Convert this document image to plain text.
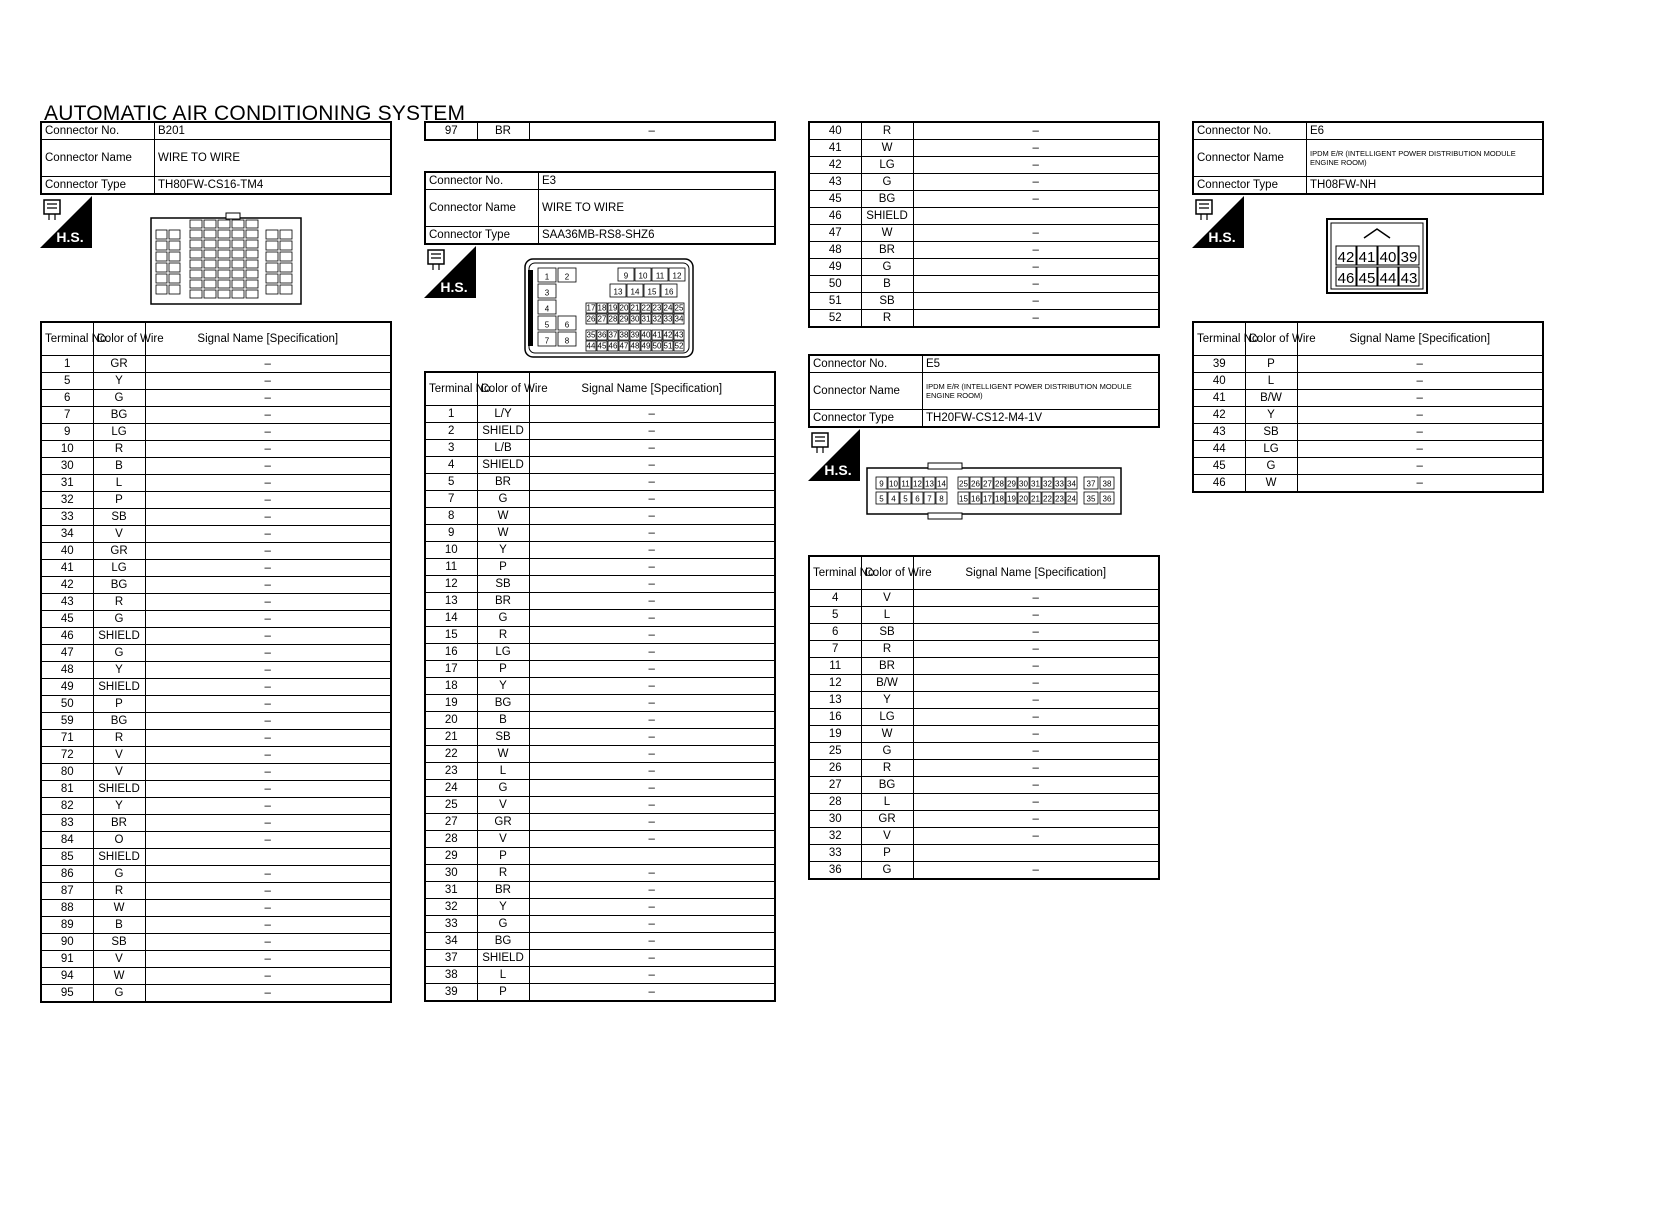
AUTOMATIC AIR CONDITIONING SYSTEM
Connector No.	B201
Connector Name	WIRE TO WIRE
Connector Type	TH80FW-CS16-TM4
H.S.
Terminal No.	Color of Wire	Signal Name [Specification]
1	GR	–
5	Y	–
6	G	–
7	BG	–
9	LG	–
10	R	–
30	B	–
31	L	–
32	P	–
33	SB	–
34	V	–
40	GR	–
41	LG	–
42	BG	–
43	R	–
45	G	–
46	SHIELD	–
47	G	–
48	Y	–
49	SHIELD	–
50	P	–
59	BG	–
71	R	–
72	V	–
80	V	–
81	SHIELD	–
82	Y	–
83	BR	–
84	O	–
85	SHIELD	
86	G	–
87	R	–
88	W	–
89	B	–
90	SB	–
91	V	–
94	W	–
95	G	–
97	BR	–
Connector No.	E3
Connector Name	WIRE TO WIRE
Connector Type	SAA36MB-RS8-SHZ6
H.S.
1 2
3
4
5 6
7 8
9 10 11 12
13 14 15 16
17 18 19 20 21 22 23 24 25
26 27 28 29 30 31 32 33 34
35 36 37 38 39 40 41 42 43
44 45 46 47 48 49 50 51 52
Terminal No.	Color of Wire	Signal Name [Specification]
1	L/Y	–
2	SHIELD	–
3	L/B	–
4	SHIELD	–
5	BR	–
7	G	–
8	W	–
9	W	–
10	Y	–
11	P	–
12	SB	–
13	BR	–
14	G	–
15	R	–
16	LG	–
17	P	–
18	Y	–
19	BG	–
20	B	–
21	SB	–
22	W	–
23	L	–
24	G	–
25	V	–
27	GR	–
28	V	–
29	P	
30	R	–
31	BR	–
32	Y	–
33	G	–
34	BG	–
37	SHIELD	–
38	L	–
39	P	–
40	R	–
41	W	–
42	LG	–
43	G	–
45	BG	–
46	SHIELD	
47	W	–
48	BR	–
49	G	–
50	B	–
51	SB	–
52	R	–
Connector No.	E5
Connector Name	IPDM E/R (INTELLIGENT POWER DISTRIBUTION MODULE ENGINE ROOM)
Connector Type	TH20FW-CS12-M4-1V
H.S.
9
5
10
4
11
5
12
6
13
7
14
8
25
15
26
16
27
17
28
18
29
19
30
20
31
21
32
22
33
23
34
24
37
35
38
36
Terminal No.	Color of Wire	Signal Name [Specification]
4	V	–
5	L	–
6	SB	–
7	R	–
11	BR	–
12	B/W	–
13	Y	–
16	LG	–
19	W	–
25	G	–
26	R	–
27	BG	–
28	L	–
30	GR	–
32	V	–
33	P	
36	G	–
Connector No.	E6
Connector Name	IPDM E/R (INTELLIGENT POWER DISTRIBUTION MODULE ENGINE ROOM)
Connector Type	TH08FW-NH
H.S.
42
46
41
45
40
44
39
43
Terminal No.	Color of Wire	Signal Name [Specification]
39	P	–
40	L	–
41	B/W	–
42	Y	–
43	SB	–
44	LG	–
45	G	–
46	W	–
